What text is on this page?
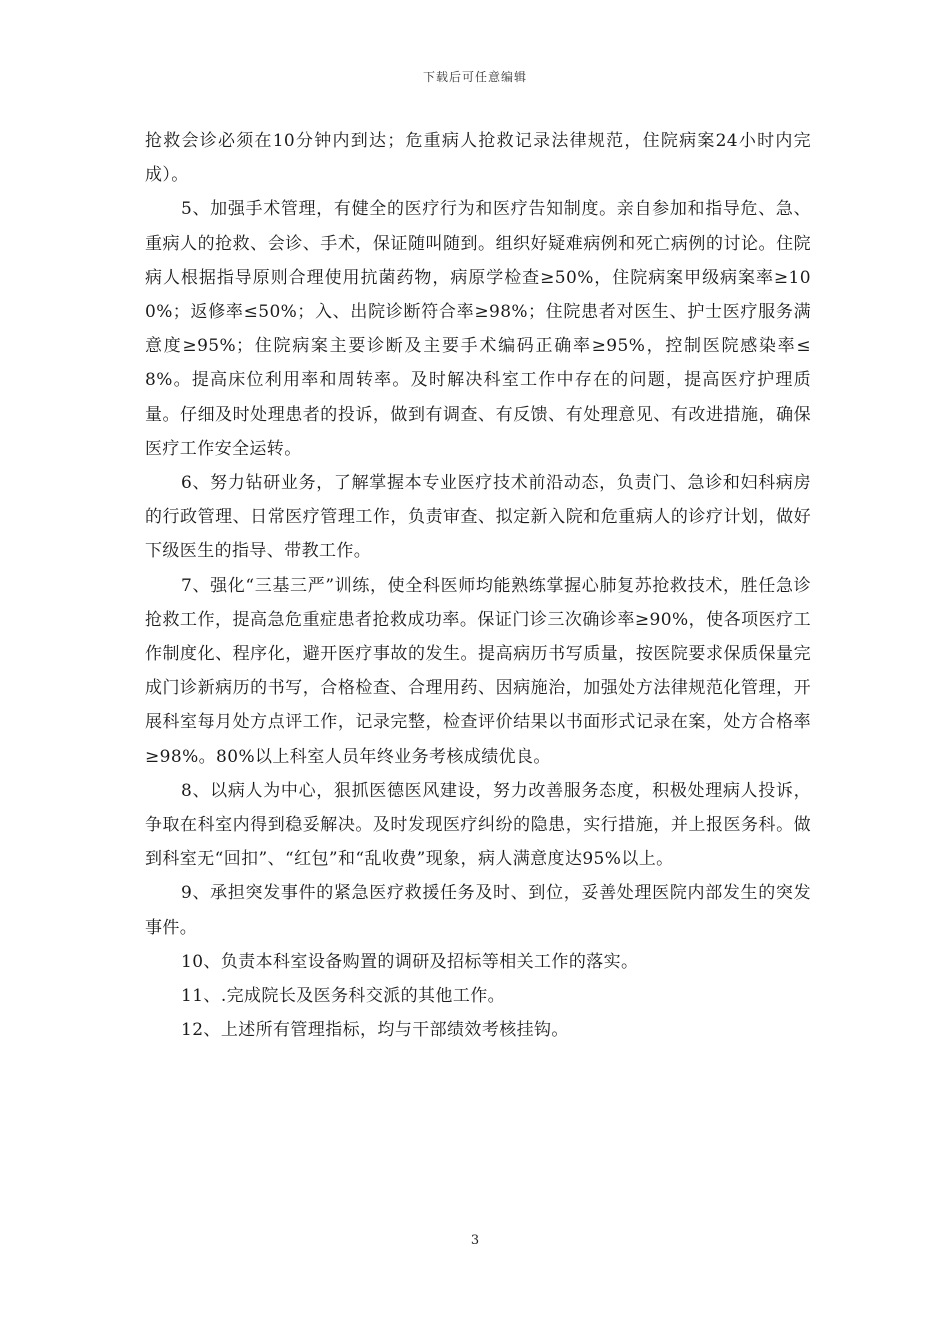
下载后可任意编辑

抢救会诊必须在10分钟内到达；危重病人抢救记录法律规范，住院病案24小时内完成）。

5、加强手术管理，有健全的医疗行为和医疗告知制度。亲自参加和指导危、急、重病人的抢救、会诊、手术，保证随叫随到。组织好疑难病例和死亡病例的讨论。住院病人根据指导原则合理使用抗菌药物，病原学检查≥50%，住院病案甲级病案率≥100%；返修率≤50%；入、出院诊断符合率≥98%；住院患者对医生、护士医疗服务满意度≥95%；住院病案主要诊断及主要手术编码正确率≥95%，控制医院感染率≤8%。提高床位利用率和周转率。及时解决科室工作中存在的问题，提高医疗护理质量。仔细及时处理患者的投诉，做到有调查、有反馈、有处理意见、有改进措施，确保医疗工作安全运转。

6、努力钻研业务，了解掌握本专业医疗技术前沿动态，负责门、急诊和妇科病房的行政管理、日常医疗管理工作，负责审查、拟定新入院和危重病人的诊疗计划，做好下级医生的指导、带教工作。

7、强化“三基三严”训练，使全科医师均能熟练掌握心肺复苏抢救技术，胜任急诊抢救工作，提高急危重症患者抢救成功率。保证门诊三次确诊率≥90%，使各项医疗工作制度化、程序化，避开医疗事故的发生。提高病历书写质量，按医院要求保质保量完成门诊新病历的书写，合格检查、合理用药、因病施治，加强处方法律规范化管理，开展科室每月处方点评工作，记录完整，检查评价结果以书面形式记录在案，处方合格率≥98%。80%以上科室人员年终业务考核成绩优良。

8、以病人为中心，狠抓医德医风建设，努力改善服务态度，积极处理病人投诉，争取在科室内得到稳妥解决。及时发现医疗纠纷的隐患，实行措施，并上报医务科。做到科室无“回扣”、“红包”和“乱收费”现象，病人满意度达95%以上。

9、承担突发事件的紧急医疗救援任务及时、到位，妥善处理医院内部发生的突发事件。

10、负责本科室设备购置的调研及招标等相关工作的落实。

11、.完成院长及医务科交派的其他工作。

12、上述所有管理指标，均与干部绩效考核挂钩。

3
